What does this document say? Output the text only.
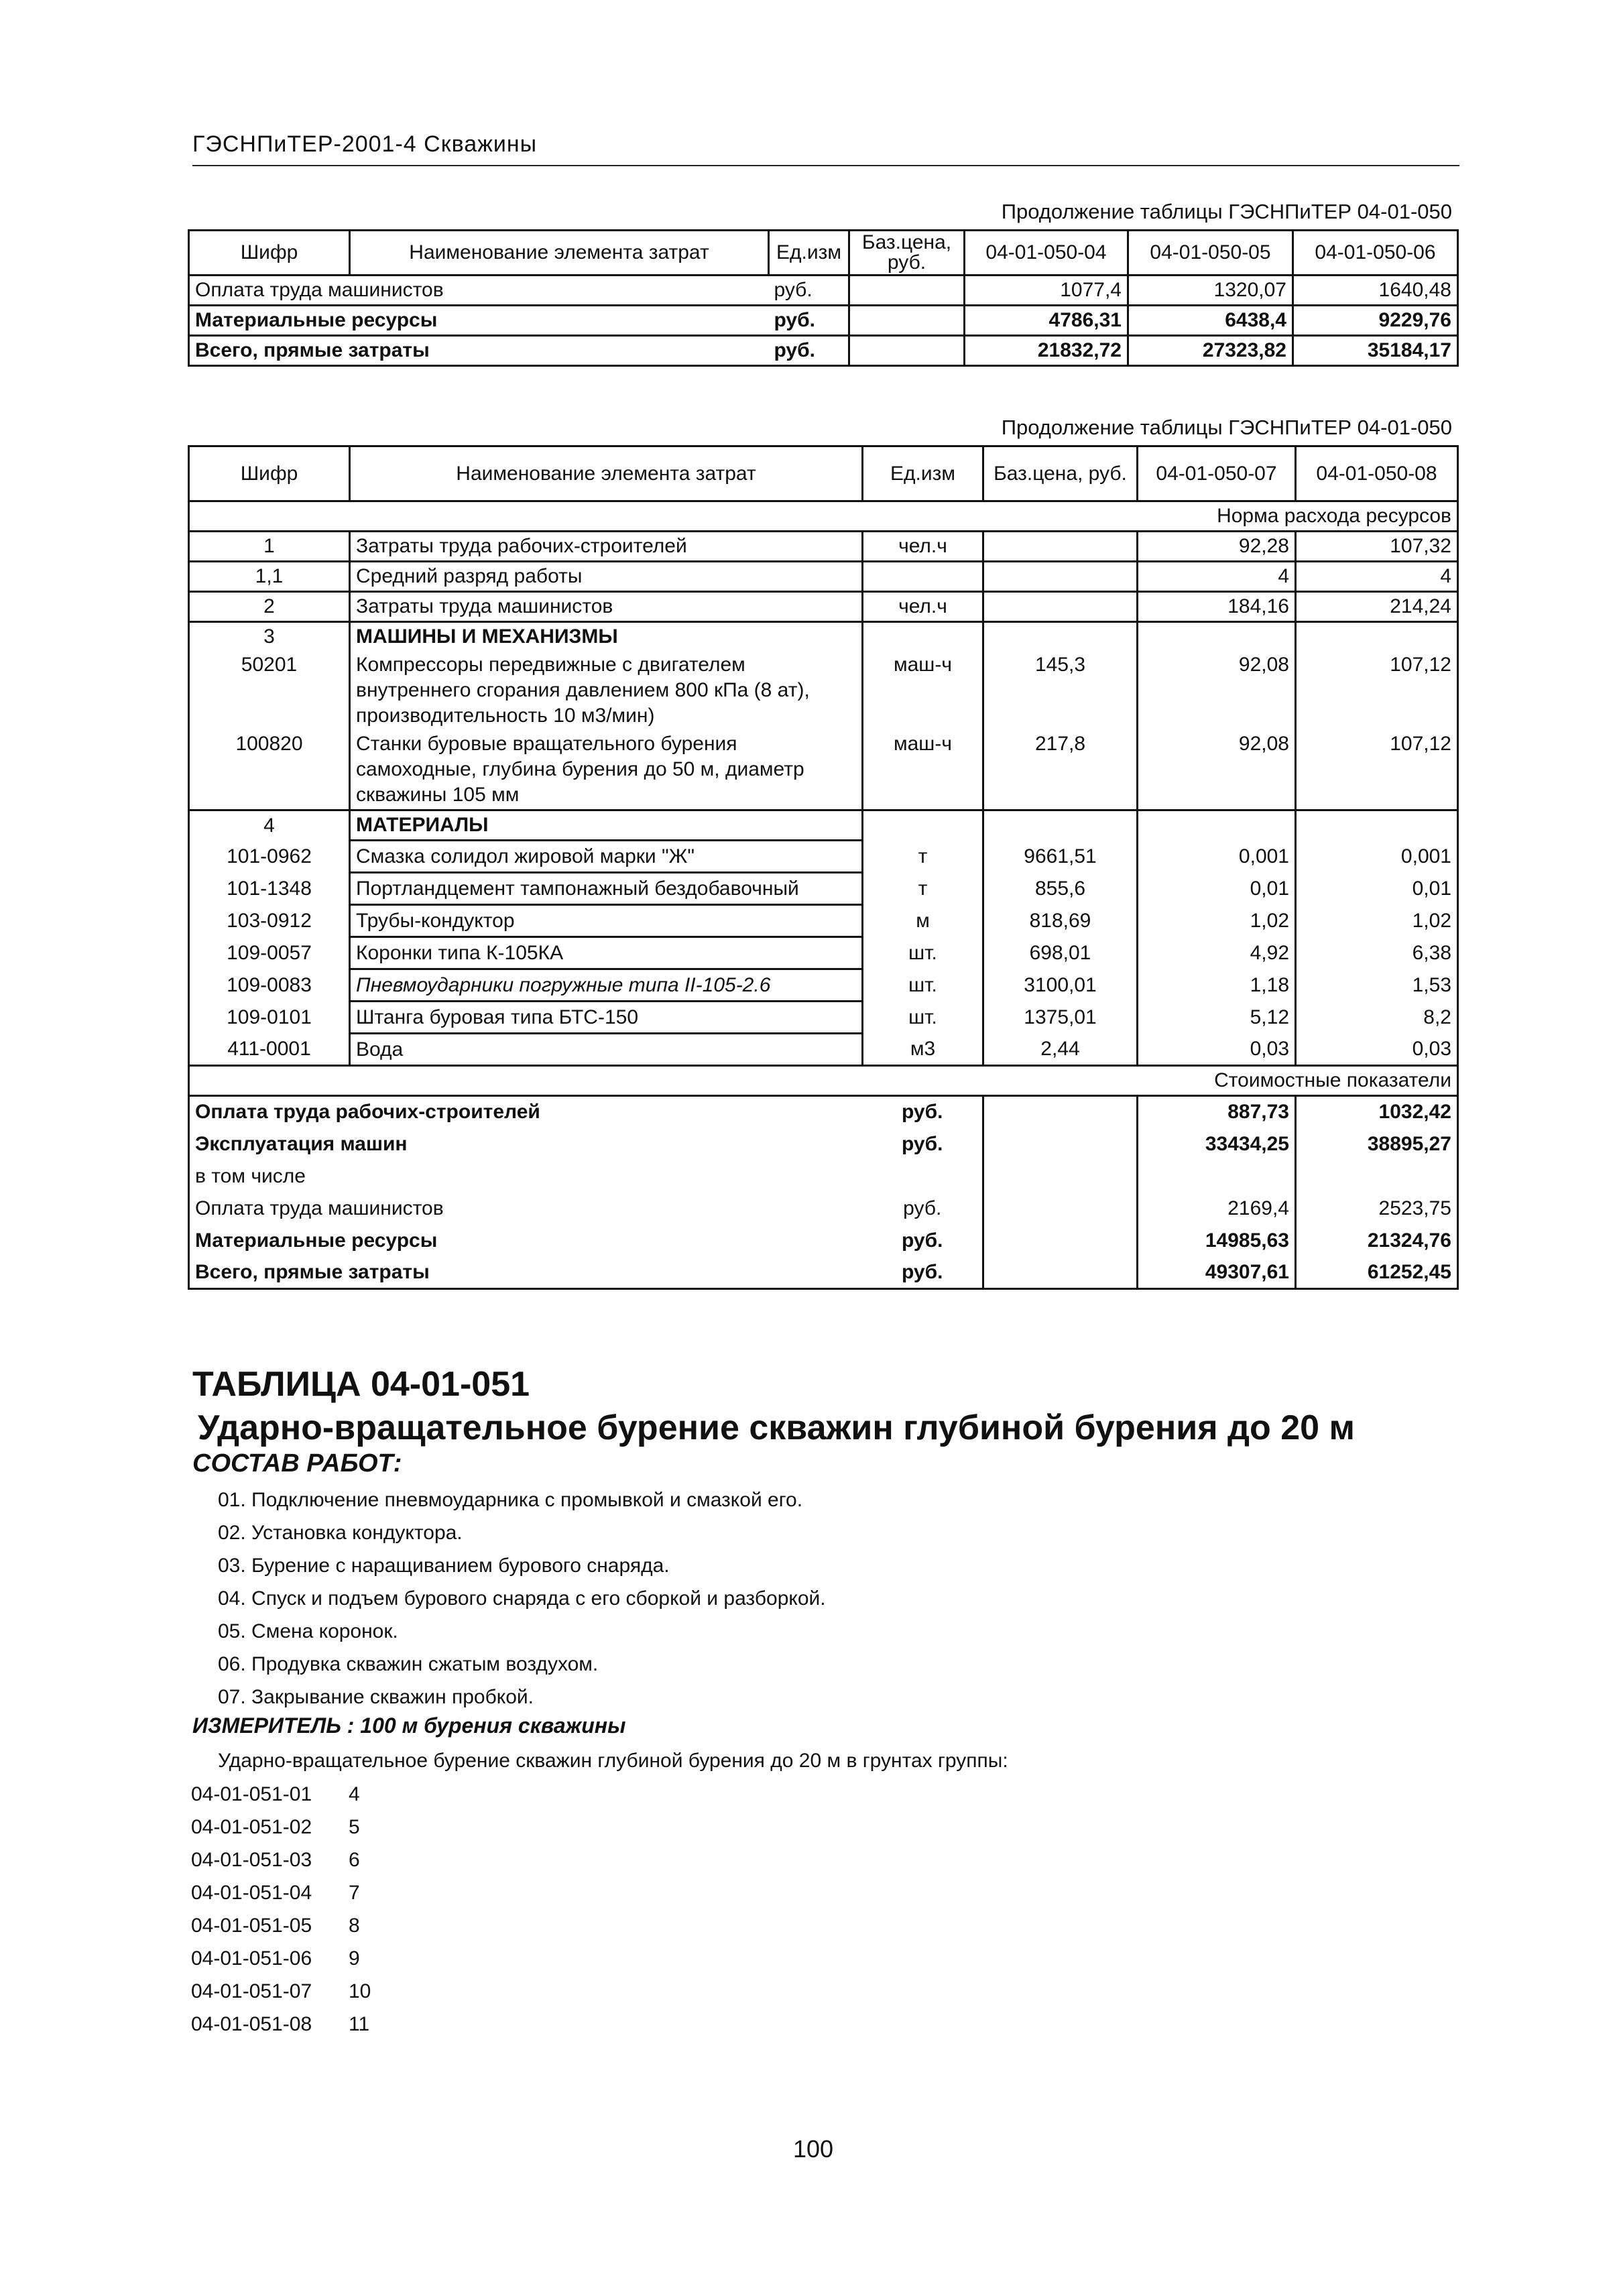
ГЭСНПиТЕР-2001-4 Скважины
Продолжение таблицы ГЭСНПиТЕР 04-01-050
Шифр	Наименование элемента затрат	Ед.изм	Баз.цена, руб.	04-01-050-04	04-01-050-05	04-01-050-06
Оплата труда машинистов		руб.		1077,4	1320,07	1640,48
Материальные ресурсы		руб.		4786,31	6438,4	9229,76
Всего, прямые затраты		руб.		21832,72	27323,82	35184,17
Продолжение таблицы ГЭСНПиТЕР 04-01-050
Шифр	Наименование элемента затрат	Ед.изм	Баз.цена, руб.	04-01-050-07	04-01-050-08
Норма расхода ресурсов					
1	Затраты труда рабочих-строителей	чел.ч		92,28	107,32
1,1	Средний разряд работы			4	4
2	Затраты труда машинистов	чел.ч		184,16	214,24
3	МАШИНЫ И МЕХАНИЗМЫ				
50201	Компрессоры передвижные с двигателем внутреннего сгорания давлением 800 кПа (8 ат), производительность 10 м3/мин)	маш-ч	145,3	92,08	107,12
100820	Станки буровые вращательного бурения самоходные, глубина бурения до 50 м, диаметр скважины 105 мм	маш-ч	217,8	92,08	107,12
4	МАТЕРИАЛЫ				
101-0962	Смазка солидол жировой марки "Ж"	т	9661,51	0,001	0,001
101-1348	Портландцемент тампонажный бездобавочный	т	855,6	0,01	0,01
103-0912	Трубы-кондуктор	м	818,69	1,02	1,02
109-0057	Коронки типа К-105КА	шт.	698,01	4,92	6,38
109-0083	Пневмоударники погружные типа II-105-2.6	шт.	3100,01	1,18	1,53
109-0101	Штанга буровая типа БТС-150	шт.	1375,01	5,12	8,2
411-0001	Вода	м3	2,44	0,03	0,03
Стоимостные показатели					
Оплата труда рабочих-строителей		руб.		887,73	1032,42
Эксплуатация машин		руб.		33434,25	38895,27
в том числе					
Оплата труда машинистов		руб.		2169,4	2523,75
Материальные ресурсы		руб.		14985,63	21324,76
Всего, прямые затраты		руб.		49307,61	61252,45
ТАБЛИЦА 04-01-051
Ударно-вращательное бурение скважин глубиной бурения до 20 м
СОСТАВ РАБОТ:
01. Подключение пневмоударника с промывкой и смазкой его.
02. Установка кондуктора.
03. Бурение с наращиванием бурового снаряда.
04. Спуск и подъем бурового снаряда с его сборкой и разборкой.
05. Смена коронок.
06. Продувка скважин сжатым воздухом.
07. Закрывание скважин пробкой.
ИЗМЕРИТЕЛЬ : 100 м бурения скважины
Ударно-вращательное бурение скважин глубиной бурения до 20 м в грунтах группы:
04-01-051-01 4
04-01-051-02 5
04-01-051-03 6
04-01-051-04 7
04-01-051-05 8
04-01-051-06 9
04-01-051-07 10
04-01-051-08 11
100
